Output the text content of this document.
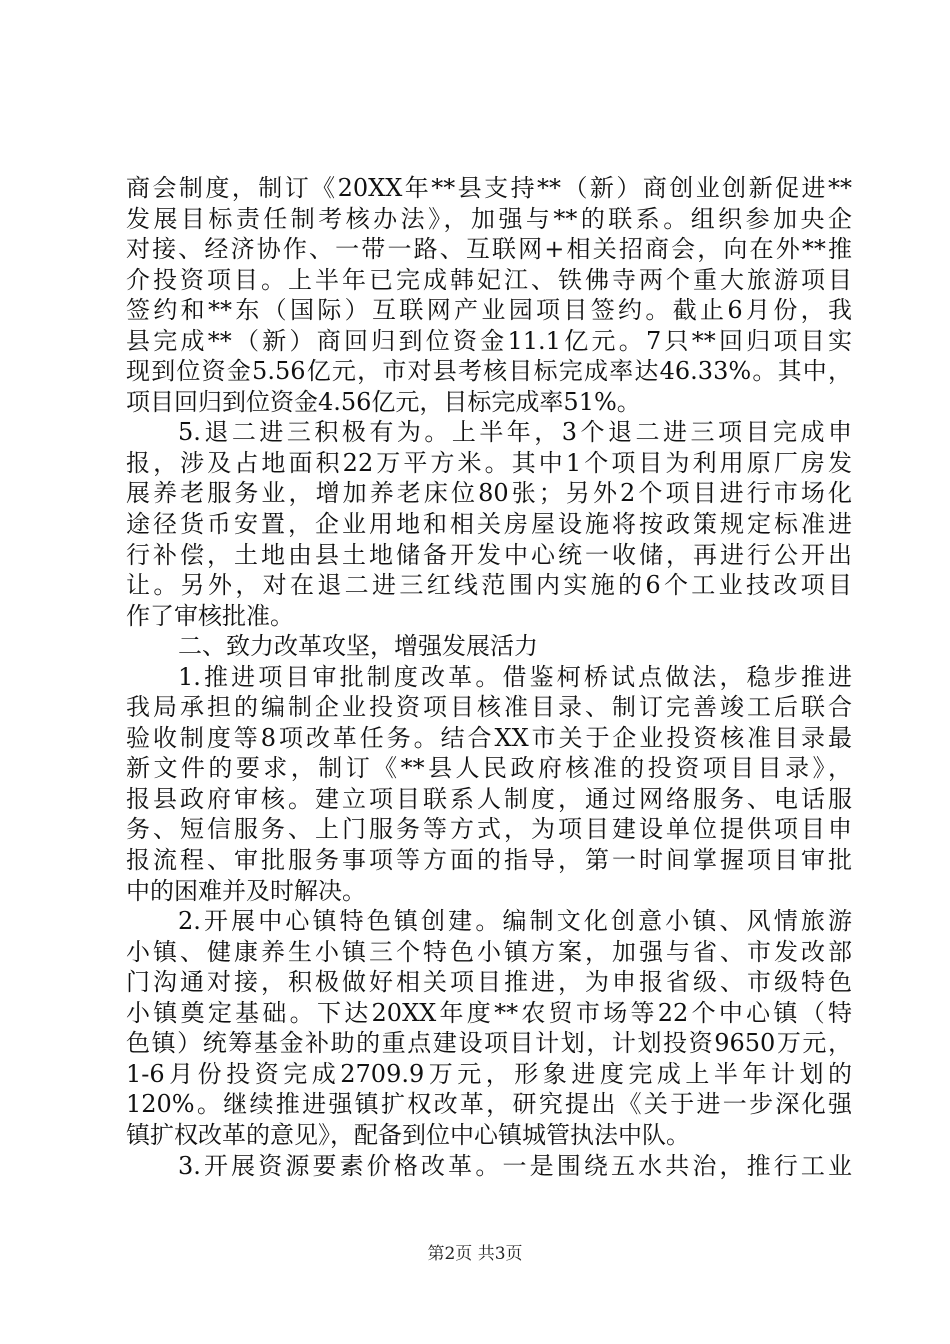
商会制度，制订《20XX年**县支持**（新）商创业创新促进**
发展目标责任制考核办法》，加强与**的联系。组织参加央企
对接、经济协作、一带一路、互联网+相关招商会，向在外**推
介投资项目。上半年已完成韩妃江、铁佛寺两个重大旅游项目
签约和**东（国际）互联网产业园项目签约。截止6月份，我
县完成**（新）商回归到位资金11.1亿元。7只**回归项目实
现到位资金5.56亿元，市对县考核目标完成率达46.33%。其中，
项目回归到位资金4.56亿元，目标完成率51%。
5.退二进三积极有为。上半年，3个退二进三项目完成申
报，涉及占地面积22万平方米。其中1个项目为利用原厂房发
展养老服务业，增加养老床位80张；另外2个项目进行市场化
途径货币安置，企业用地和相关房屋设施将按政策规定标准进
行补偿，土地由县土地储备开发中心统一收储，再进行公开出
让。另外，对在退二进三红线范围内实施的6个工业技改项目
作了审核批准。
二、致力改革攻坚，增强发展活力
1.推进项目审批制度改革。借鉴柯桥试点做法，稳步推进
我局承担的编制企业投资项目核准目录、制订完善竣工后联合
验收制度等8项改革任务。结合XX市关于企业投资核准目录最
新文件的要求，制订《**县人民政府核准的投资项目目录》，
报县政府审核。建立项目联系人制度，通过网络服务、电话服
务、短信服务、上门服务等方式，为项目建设单位提供项目申
报流程、审批服务事项等方面的指导，第一时间掌握项目审批
中的困难并及时解决。
2.开展中心镇特色镇创建。编制文化创意小镇、风情旅游
小镇、健康养生小镇三个特色小镇方案，加强与省、市发改部
门沟通对接，积极做好相关项目推进，为申报省级、市级特色
小镇奠定基础。下达20XX年度**农贸市场等22个中心镇（特
色镇）统筹基金补助的重点建设项目计划，计划投资9650万元，
1-6月份投资完成2709.9万元，形象进度完成上半年计划的
120%。继续推进强镇扩权改革，研究提出《关于进一步深化强
镇扩权改革的意见》，配备到位中心镇城管执法中队。
3.开展资源要素价格改革。一是围绕五水共治，推行工业
第2页 共3页
